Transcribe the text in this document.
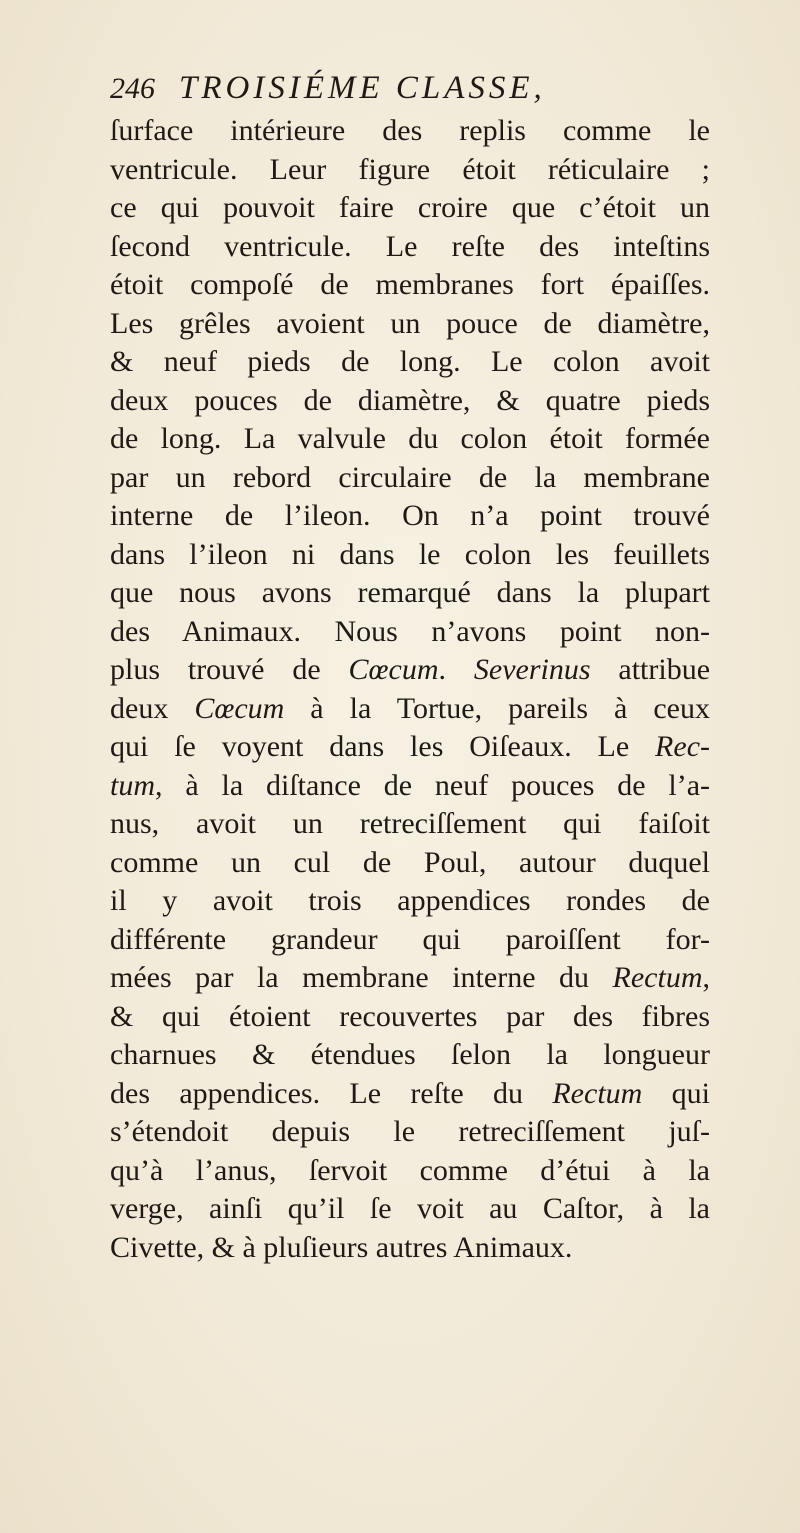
246 TROISIÉME CLASSE,
ſurface intérieure des replis comme le
ventricule. Leur figure étoit réticulaire ;
ce qui pouvoit faire croire que c’étoit un
ſecond ventricule. Le reſte des inteſtins
étoit compoſé de membranes fort épaiſſes.
Les grêles avoient un pouce de diamètre,
& neuf pieds de long. Le colon avoit
deux pouces de diamètre, & quatre pieds
de long. La valvule du colon étoit formée
par un rebord circulaire de la membrane
interne de l’ileon. On n’a point trouvé
dans l’ileon ni dans le colon les feuillets
que nous avons remarqué dans la plupart
des Animaux. Nous n’avons point non-
plus trouvé de Cœcum. Severinus attribue
deux Cœcum à la Tortue, pareils à ceux
qui ſe voyent dans les Oiſeaux. Le Rec-
tum, à la diſtance de neuf pouces de l’a-
nus, avoit un retreciſſement qui faiſoit
comme un cul de Poul, autour duquel
il y avoit trois appendices rondes de
différente grandeur qui paroiſſent for-
mées par la membrane interne du Rectum,
& qui étoient recouvertes par des fibres
charnues & étendues ſelon la longueur
des appendices. Le reſte du Rectum qui
s’étendoit depuis le retreciſſement juſ-
qu’à l’anus, ſervoit comme d’étui à la
verge, ainſi qu’il ſe voit au Caſtor, à la
Civette, & à pluſieurs autres Animaux.
